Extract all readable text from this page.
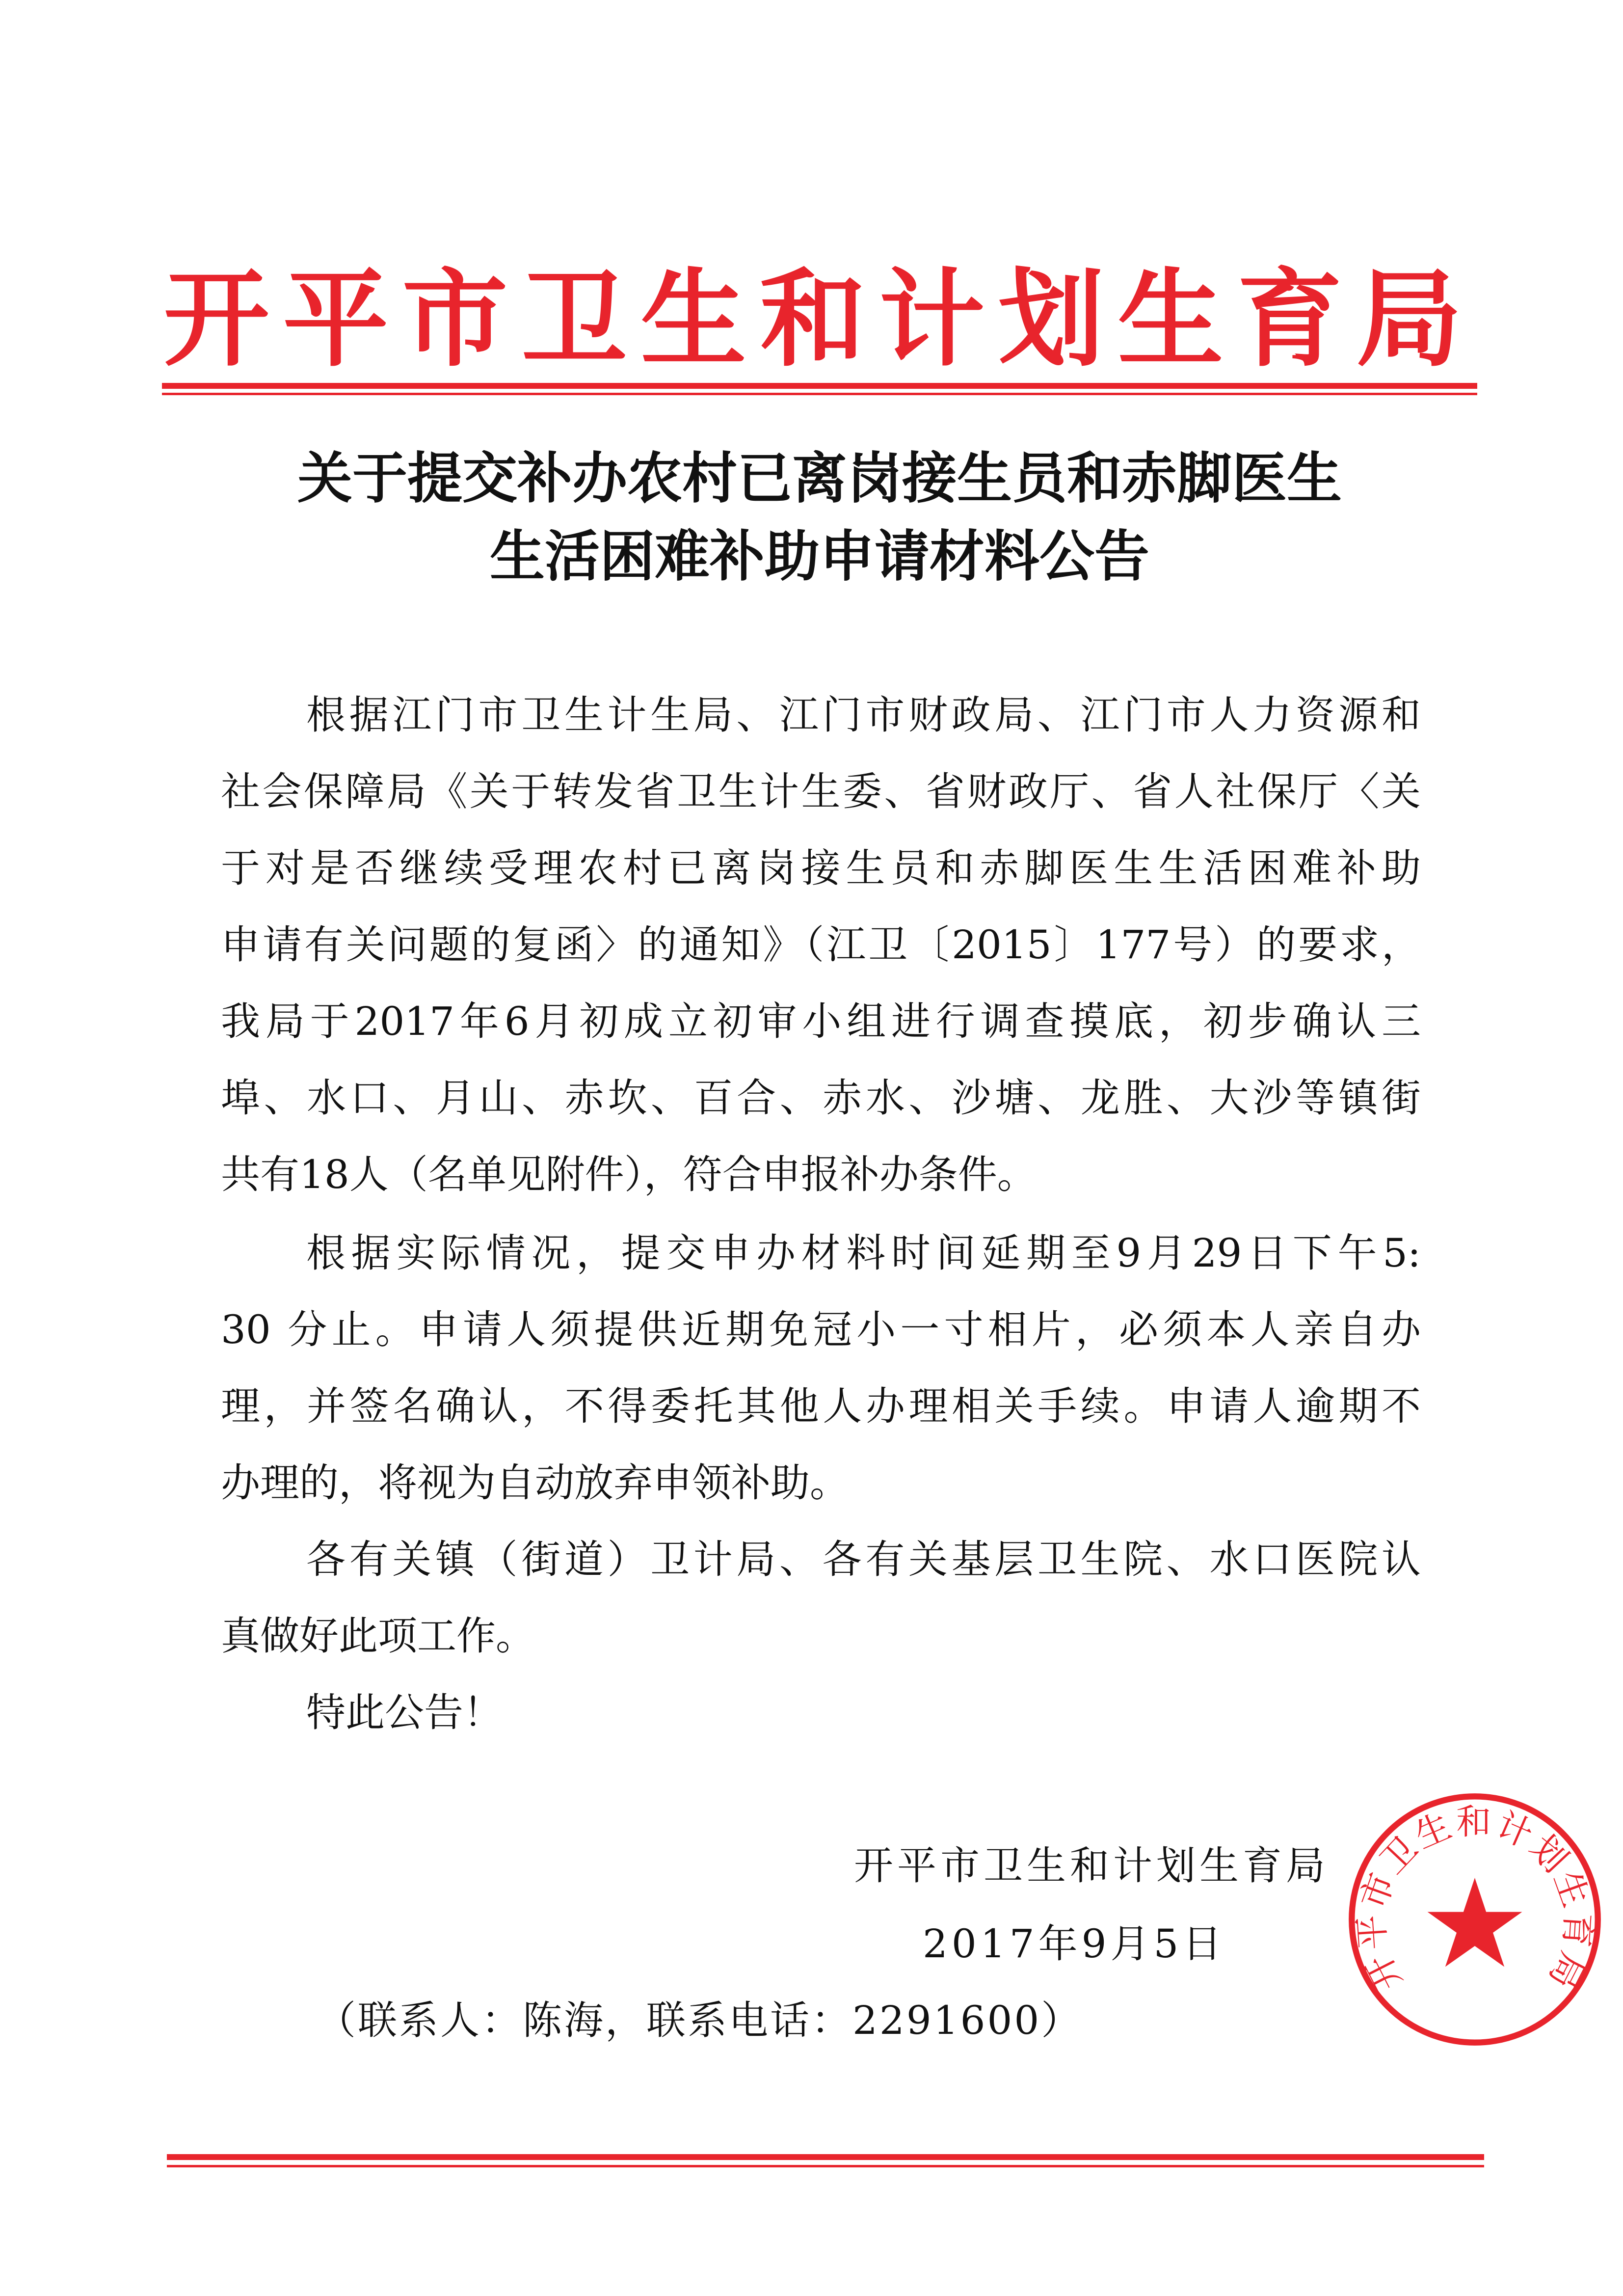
开平市卫生和计划生育局
关于提交补办农村已离岗接生员和赤脚医生
生活困难补助申请材料公告
根据江门市卫生计生局、江门市财政局、江门市人力资源和
社会保障局《关于转发省卫生计生委、省财政厅、省人社保厅〈关
于对是否继续受理农村已离岗接生员和赤脚医生生活困难补助
申请有关问题的复函〉的通知》（江卫〔2015〕177号）的要求，
我局于2017年6月初成立初审小组进行调查摸底，初步确认三
埠、水口、月山、赤坎、百合、赤水、沙塘、龙胜、大沙等镇街
共有18人（名单见附件），符合申报补办条件。
根据实际情况，提交申办材料时间延期至9月29日下午5:
30 分止。申请人须提供近期免冠小一寸相片，必须本人亲自办
理，并签名确认，不得委托其他人办理相关手续。申请人逾期不
办理的，将视为自动放弃申领补助。
各有关镇（街道）卫计局、各有关基层卫生院、水口医院认
真做好此项工作。
特此公告！
开平市卫生和计划生育局
2017年9月5日
（联系人：陈海，联系电话：2291600）
开平市卫生和计划生育局
